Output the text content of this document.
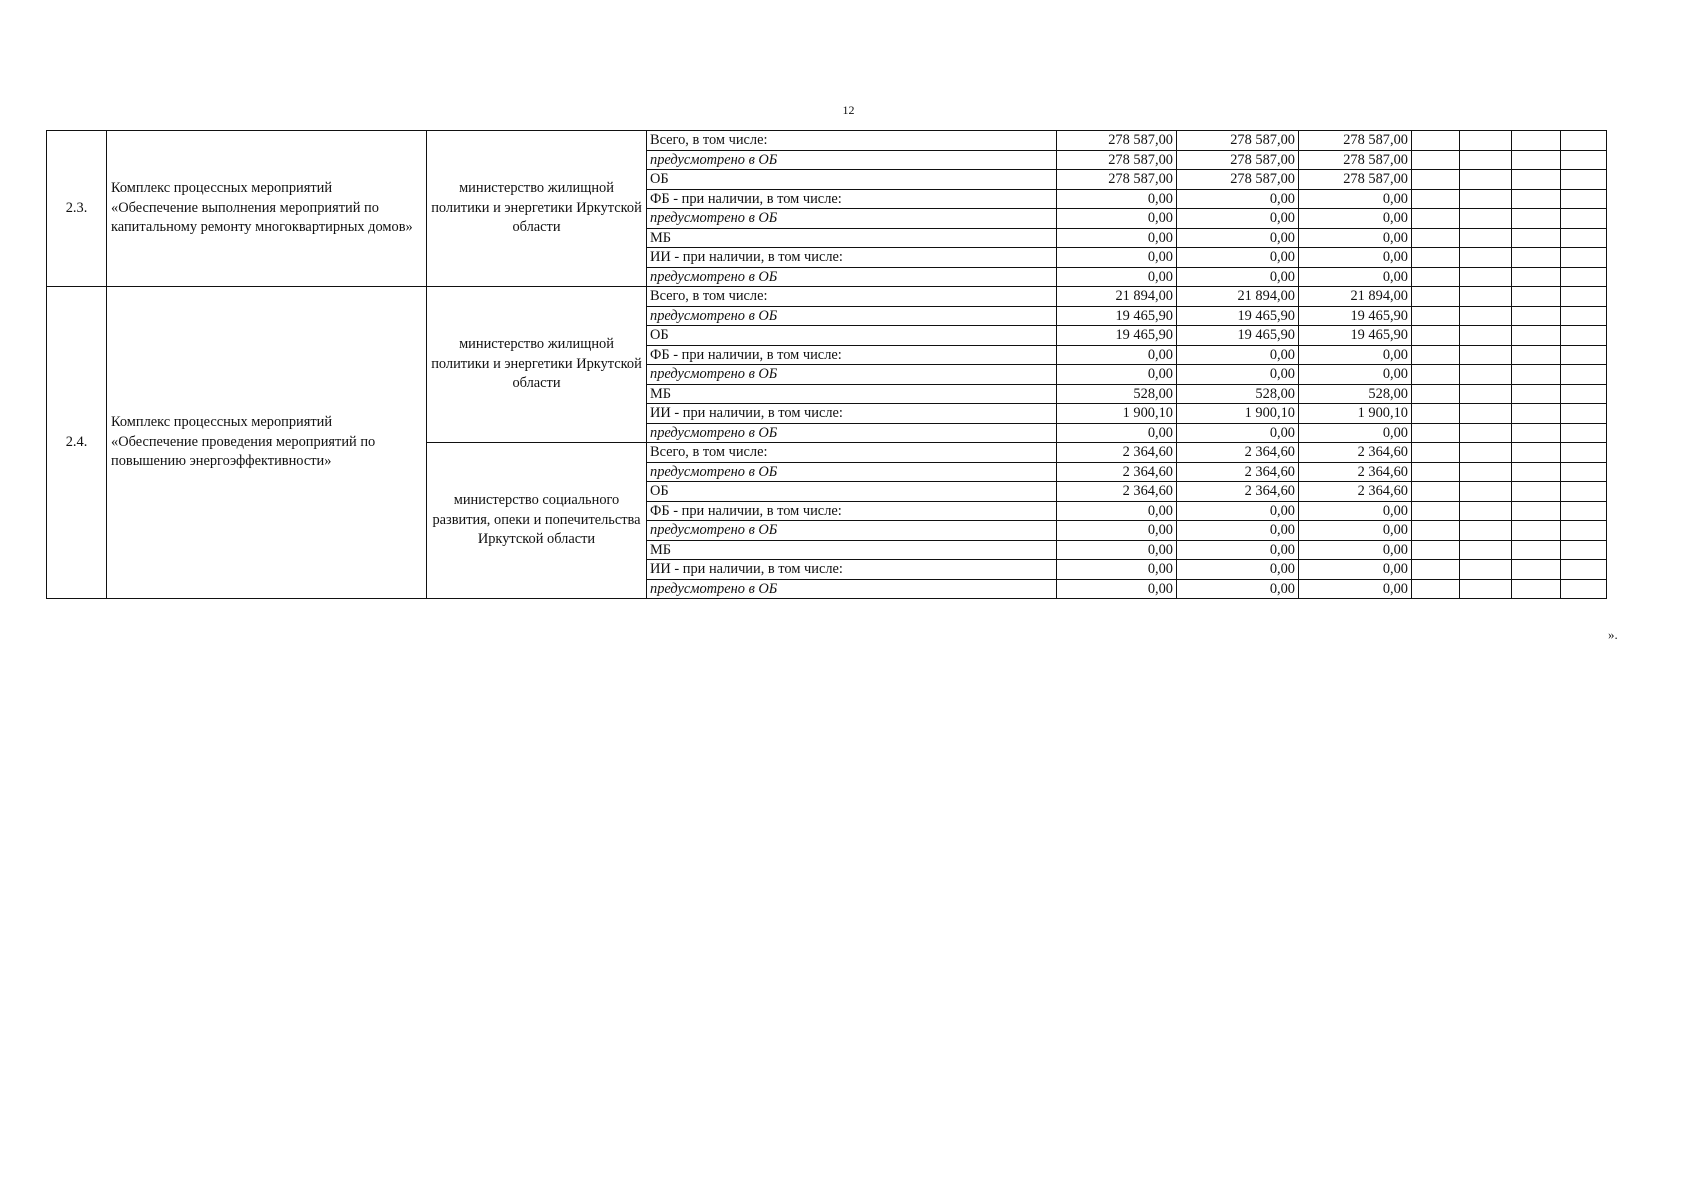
12
2.3.	Комплекс процессных мероприятий «Обеспечение выполнения мероприятий по капитальному ремонту многоквартирных домов»	министерство жилищной политики и энергетики Иркутской области	Всего, в том числе:	278 587,00	278 587,00	278 587,00				
			предусмотрено в ОБ	278 587,00	278 587,00	278 587,00				
			ОБ	278 587,00	278 587,00	278 587,00				
			ФБ - при наличии, в том числе:	0,00	0,00	0,00				
			предусмотрено в ОБ	0,00	0,00	0,00				
			МБ	0,00	0,00	0,00				
			ИИ - при наличии, в том числе:	0,00	0,00	0,00				
			предусмотрено в ОБ	0,00	0,00	0,00				
2.4.	Комплекс процессных мероприятий «Обеспечение проведения мероприятий по повышению энергоэффективности»	министерство жилищной политики и энергетики Иркутской области	Всего, в том числе:	21 894,00	21 894,00	21 894,00				
			предусмотрено в ОБ	19 465,90	19 465,90	19 465,90				
			ОБ	19 465,90	19 465,90	19 465,90				
			ФБ - при наличии, в том числе:	0,00	0,00	0,00				
			предусмотрено в ОБ	0,00	0,00	0,00				
			МБ	528,00	528,00	528,00				
			ИИ - при наличии, в том числе:	1 900,10	1 900,10	1 900,10				
			предусмотрено в ОБ	0,00	0,00	0,00				
		министерство социального развития, опеки и попечительства Иркутской области	Всего, в том числе:	2 364,60	2 364,60	2 364,60				
			предусмотрено в ОБ	2 364,60	2 364,60	2 364,60				
			ОБ	2 364,60	2 364,60	2 364,60				
			ФБ - при наличии, в том числе:	0,00	0,00	0,00				
			предусмотрено в ОБ	0,00	0,00	0,00				
			МБ	0,00	0,00	0,00				
			ИИ - при наличии, в том числе:	0,00	0,00	0,00				
			предусмотрено в ОБ	0,00	0,00	0,00				
».
